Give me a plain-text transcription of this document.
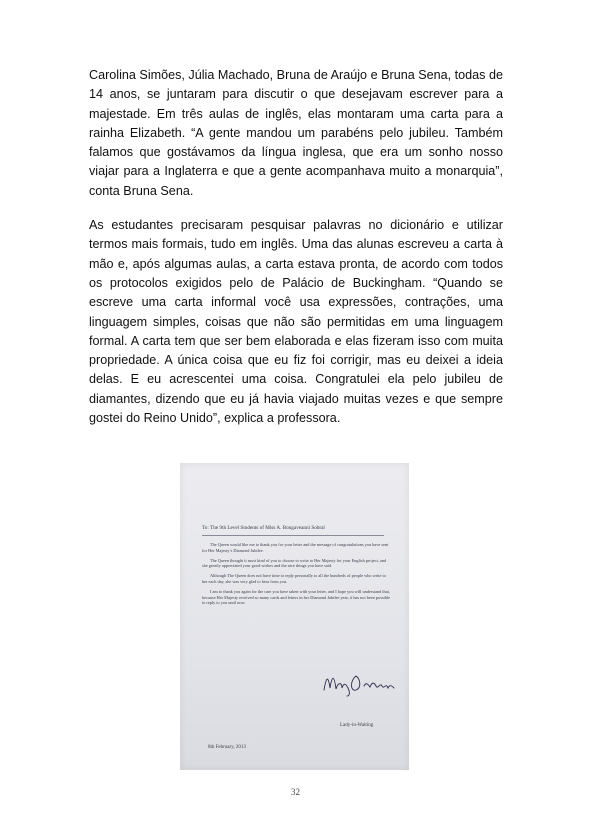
Carolina Simões, Júlia Machado, Bruna de Araújo e Bruna Sena, todas de 14 anos, se juntaram para discutir o que desejavam escrever para a majestade. Em três aulas de inglês, elas montaram uma carta para a rainha Elizabeth. “A gente mandou um parabéns pelo jubileu. Também falamos que gostávamos da língua inglesa, que era um sonho nosso viajar para a Inglaterra e que a gente acompanhava muito a monarquia”, conta Bruna Sena.

As estudantes precisaram pesquisar palavras no dicionário e utilizar termos mais formais, tudo em inglês. Uma das alunas escreveu a carta à mão e, após algumas aulas, a carta estava pronta, de acordo com todos os protocolos exigidos pelo de Palácio de Buckingham. “Quando se escreve uma carta informal você usa expressões, contrações, uma linguagem simples, coisas que não são permitidas em uma linguagem formal. A carta tem que ser bem elaborada e elas fizeram isso com muita propriedade. A única coisa que eu fiz foi corrigir, mas eu deixei a ideia delas. E eu acrescentei uma coisa. Congratulei ela pelo jubileu de diamantes, dizendo que eu já havia viajado muitas vezes e que sempre gostei do Reino Unido”, explica a professora.

To: The 9th Level Students of Miss A. Bongaveanni Sobral

The Queen would like me to thank you for your letter and the message of congratulations you have sent for Her Majesty’s Diamond Jubilee.

The Queen thought it most kind of you to choose to write to Her Majesty for your English project, and she greatly appreciated your good wishes and the nice things you have said.

Although The Queen does not have time to reply personally to all the hundreds of people who write to her each day, she was very glad to hear from you.

I am to thank you again for the care you have taken with your letter, and I hope you will understand that, because Her Majesty received so many cards and letters in her Diamond Jubilee year, it has not been possible to reply to you until now.

Lady-in-Waiting
8th February, 2013
32
